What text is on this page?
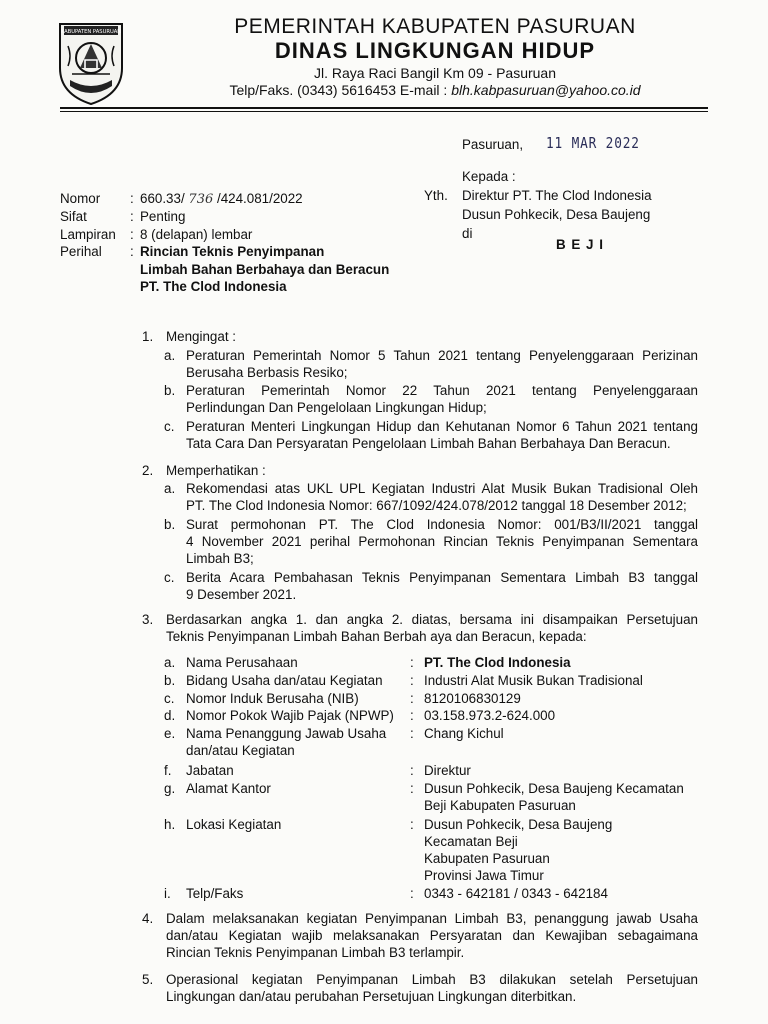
KABUPATEN PASURUAN	PEMERINTAH KABUPATEN PASURUAN
DINAS LINGKUNGAN HIDUP
Jl. Raya Raci Bangil Km 09 - Pasuruan
Telp/Faks. (0343) 5616453 E-mail : blh.kabpasuruan@yahoo.co.id
Pasuruan, 11 MAR 2022
Kepada :
Yth. Direktur PT. The Clod Indonesia
Dusun Pohkecik, Desa Baujeng
di
B E J I
Nomor	: 660.33/ 736 /424.081/2022
Sifat	: Penting
Lampiran	: 8 (delapan) lembar
Perihal	: Rincian Teknis Penyimpanan
Limbah Bahan Berbahaya dan Beracun
PT. The Clod Indonesia
1. Mengingat :
a. Peraturan Pemerintah Nomor 5 Tahun 2021 tentang Penyelenggaraan Perizinan
Berusaha Berbasis Resiko;
b. Peraturan Pemerintah Nomor 22 Tahun 2021 tentang Penyelenggaraan
Perlindungan Dan Pengelolaan Lingkungan Hidup;
c. Peraturan Menteri Lingkungan Hidup dan Kehutanan Nomor 6 Tahun 2021 tentang
Tata Cara Dan Persyaratan Pengelolaan Limbah Bahan Berbahaya Dan Beracun.
2. Memperhatikan :
a. Rekomendasi atas UKL UPL Kegiatan Industri Alat Musik Bukan Tradisional Oleh
PT. The Clod Indonesia Nomor: 667/1092/424.078/2012 tanggal 18 Desember 2012;
b. Surat permohonan PT. The Clod Indonesia Nomor: 001/B3/II/2021 tanggal
4 November 2021 perihal Permohonan Rincian Teknis Penyimpanan Sementara
Limbah B3;
c. Berita Acara Pembahasan Teknis Penyimpanan Sementara Limbah B3 tanggal
9 Desember 2021.
3. Berdasarkan angka 1. dan angka 2. diatas, bersama ini disampaikan Persetujuan
Teknis Penyimpanan Limbah Bahan Berbah aya dan Beracun, kepada:
a. Nama Perusahaan	: PT. The Clod Indonesia
b. Bidang Usaha dan/atau Kegiatan : Industri Alat Musik Bukan Tradisional
c. Nomor Induk Berusaha (NIB)	: 8120106830129
d. Nomor Pokok Wajib Pajak (NPWP) : 03.158.973.2-624.000
e. Nama Penanggung Jawab Usaha
dan/atau Kegiatan
: Chang Kichul
f. Jabatan	: Direktur
g. Alamat Kantor	: Dusun Pohkecik, Desa Baujeng Kecamatan
Beji Kabupaten Pasuruan
h. Lokasi Kegiatan	: Dusun Pohkecik, Desa Baujeng
Kecamatan Beji
Kabupaten Pasuruan
Provinsi Jawa Timur
i. Telp/Faks	: 0343 - 642181 / 0343 - 642184
4. Dalam melaksanakan kegiatan Penyimpanan Limbah B3, penanggung jawab Usaha
dan/atau Kegiatan wajib melaksanakan Persyaratan dan Kewajiban sebagaimana
Rincian Teknis Penyimpanan Limbah B3 terlampir.
5. Operasional kegiatan Penyimpanan Limbah B3 dilakukan setelah Persetujuan
Lingkungan dan/atau perubahan Persetujuan Lingkungan diterbitkan.
